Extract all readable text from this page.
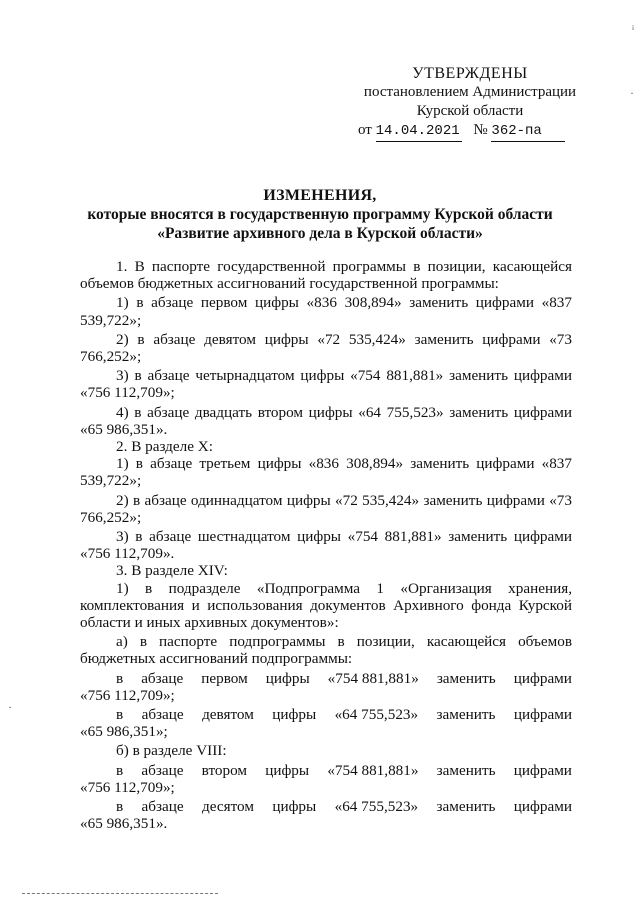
УТВЕРЖДЕНЫ
постановлением Администрации
Курской области
от 14.04.2021 № 362-па
ИЗМЕНЕНИЯ,
которые вносятся в государственную программу Курской области
«Развитие архивного дела в Курской области»

1. В паспорте государственной программы в позиции, касающейся объемов бюджетных ассигнований государственной программы:

1) в абзаце первом цифры «836 308,894» заменить цифрами «837 539,722»;

2) в абзаце девятом цифры «72 535,424» заменить цифрами «73 766,252»;

3) в абзаце четырнадцатом цифры «754 881,881» заменить цифрами «756 112,709»;

4) в абзаце двадцать втором цифры «64 755,523» заменить цифрами «65 986,351».

2. В разделе X:

1) в абзаце третьем цифры «836 308,894» заменить цифрами «837 539,722»;

2) в абзаце одиннадцатом цифры «72 535,424» заменить цифрами «73 766,252»;

3) в абзаце шестнадцатом цифры «754 881,881» заменить цифрами «756 112,709».

3. В разделе XIV:

1) в подразделе «Подпрограмма 1 «Организация хранения, комплектования и использования документов Архивного фонда Курской области и иных архивных документов»:

а) в паспорте подпрограммы в позиции, касающейся объемов бюджетных ассигнований подпрограммы:

в абзаце первом цифры «754 881,881» заменить цифрами

«756 112,709»;

в абзаце девятом цифры «64 755,523» заменить цифрами

«65 986,351»;

б) в разделе VIII:

в абзаце втором цифры «754 881,881» заменить цифрами

«756 112,709»;

в абзаце десятом цифры «64 755,523» заменить цифрами

«65 986,351».

ᵢ
·
·
